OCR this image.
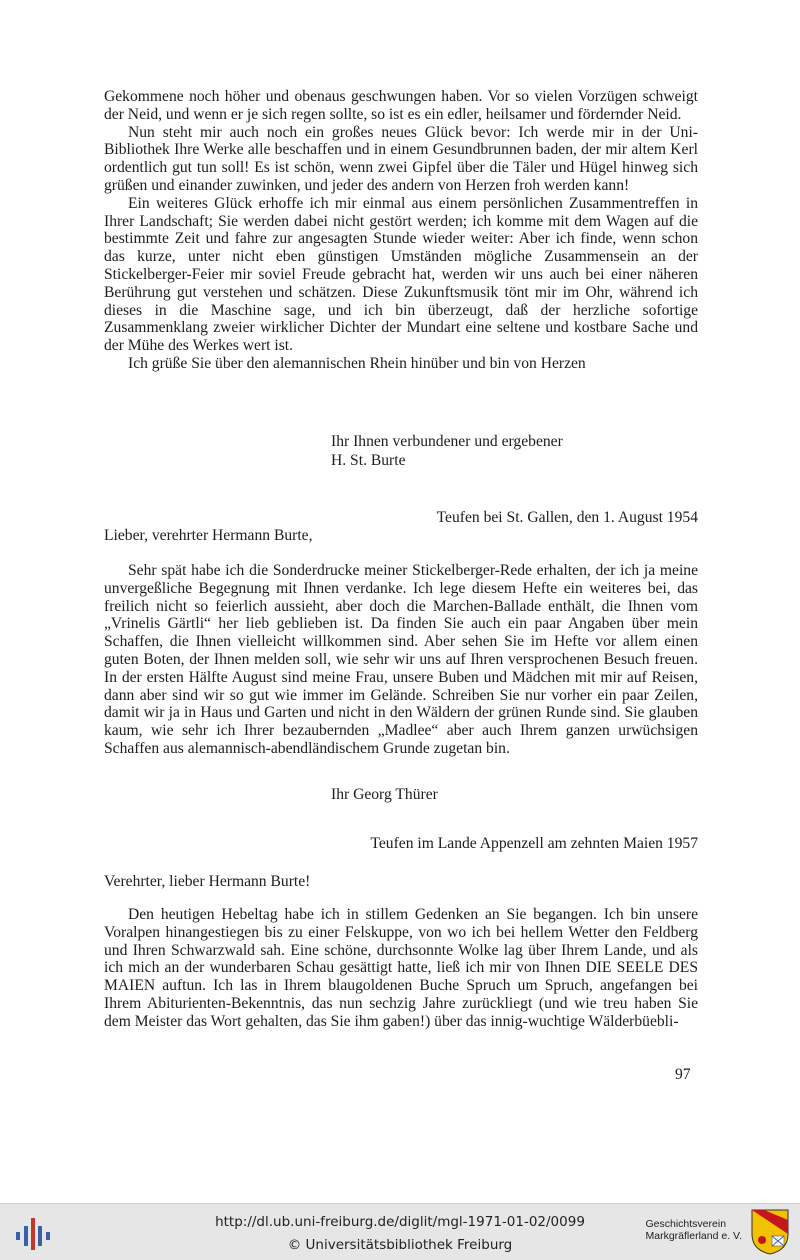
Gekommene noch höher und obenaus geschwungen haben. Vor so vielen Vorzügen schweigt der Neid, und wenn er je sich regen sollte, so ist es ein edler, heilsamer und fördernder Neid.

Nun steht mir auch noch ein großes neues Glück bevor: Ich werde mir in der Uni-Bibliothek Ihre Werke alle beschaffen und in einem Gesundbrunnen baden, der mir altem Kerl ordentlich gut tun soll! Es ist schön, wenn zwei Gipfel über die Täler und Hügel hinweg sich grüßen und einander zuwinken, und jeder des andern von Herzen froh werden kann!

Ein weiteres Glück erhoffe ich mir einmal aus einem persönlichen Zusammentreffen in Ihrer Landschaft; Sie werden dabei nicht gestört werden; ich komme mit dem Wagen auf die bestimmte Zeit und fahre zur angesagten Stunde wieder weiter: Aber ich finde, wenn schon das kurze, unter nicht eben günstigen Umständen mögliche Zusammensein an der Stickelberger-Feier mir soviel Freude gebracht hat, werden wir uns auch bei einer näheren Berührung gut verstehen und schätzen. Diese Zukunftsmusik tönt mir im Ohr, während ich dieses in die Maschine sage, und ich bin überzeugt, daß der herzliche sofortige Zusammenklang zweier wirklicher Dichter der Mundart eine seltene und kostbare Sache und der Mühe des Werkes wert ist.

Ich grüße Sie über den alemannischen Rhein hinüber und bin von Herzen

Ihr Ihnen verbundener und ergebener
H. St. Burte
Teufen bei St. Gallen, den 1. August 1954
Lieber, verehrter Hermann Burte,

Sehr spät habe ich die Sonderdrucke meiner Stickelberger-Rede erhalten, der ich ja meine unvergeßliche Begegnung mit Ihnen verdanke. Ich lege diesem Hefte ein weiteres bei, das freilich nicht so feierlich aussieht, aber doch die Marchen-Ballade enthält, die Ihnen vom „Vrinelis Gärtli“ her lieb geblieben ist. Da finden Sie auch ein paar Angaben über mein Schaffen, die Ihnen vielleicht willkommen sind. Aber sehen Sie im Hefte vor allem einen guten Boten, der Ihnen melden soll, wie sehr wir uns auf Ihren versprochenen Besuch freuen. In der ersten Hälfte August sind meine Frau, unsere Buben und Mädchen mit mir auf Reisen, dann aber sind wir so gut wie immer im Gelände. Schreiben Sie nur vorher ein paar Zeilen, damit wir ja in Haus und Garten und nicht in den Wäldern der grünen Runde sind. Sie glauben kaum, wie sehr ich Ihrer bezaubernden „Madlee“ aber auch Ihrem ganzen urwüchsigen Schaffen aus alemannisch-abendländischem Grunde zugetan bin.

Ihr Georg Thürer
Teufen im Lande Appenzell am zehnten Maien 1957
Verehrter, lieber Hermann Burte!

Den heutigen Hebeltag habe ich in stillem Gedenken an Sie begangen. Ich bin unsere Voralpen hinangestiegen bis zu einer Felskuppe, von wo ich bei hellem Wetter den Feldberg und Ihren Schwarzwald sah. Eine schöne, durchsonnte Wolke lag über Ihrem Lande, und als ich mich an der wunderbaren Schau gesättigt hatte, ließ ich mir von Ihnen DIE SEELE DES MAIEN auftun. Ich las in Ihrem blaugoldenen Buche Spruch um Spruch, angefangen bei Ihrem Abiturienten-Bekenntnis, das nun sechzig Jahre zurückliegt (und wie treu haben Sie dem Meister das Wort gehalten, das Sie ihm gaben!) über das innig-wuchtige Wälderbüebli-

97
http://dl.ub.uni-freiburg.de/diglit/mgl-1971-01-02/0099
© Universitätsbibliothek Freiburg
Geschichtsverein
Markgräflerland e. V.
